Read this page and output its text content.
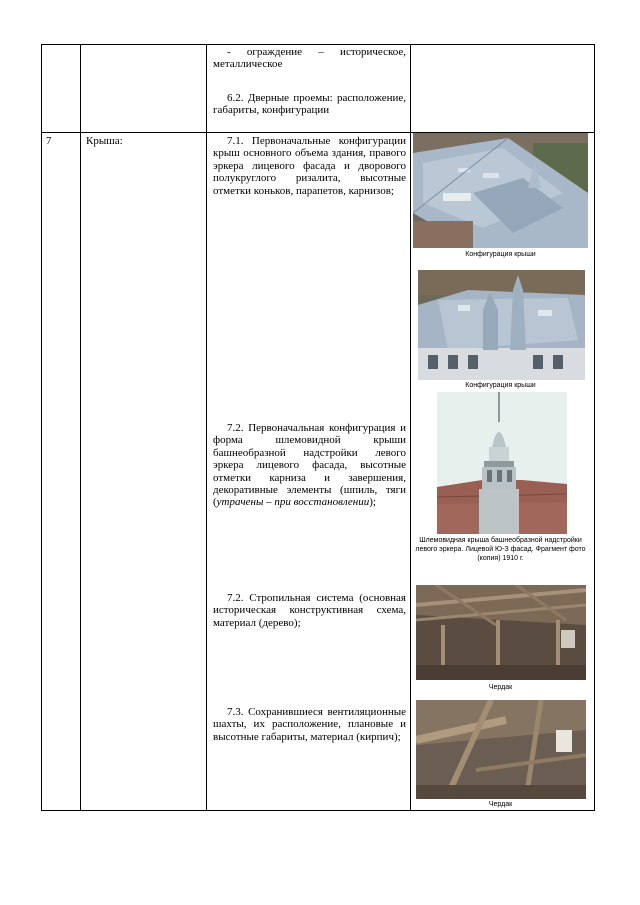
- ограждение – историческое, металлическое

6.2. Дверные проемы: расположение, габариты, конфигурации

7	Крыша:	7.1. Первоначальные конфигурации крыш основного объема здания, правого эркера лицевого фасада и дворового полукруглого ризалита, высотные отметки коньков, парапетов, карнизов;

7.2. Первоначальная конфигурация и форма шлемовидной крыши башнеобразной надстройки левого эркера лицевого фасада, высотные отметки карниза и завершения, декоративные элементы (шпиль, тяги (утрачены – при восстановлении);

7.2. Стропильная система (основная историческая конструктивная схема, материал (дерево);

7.3. Сохранившиеся вентиляционные шахты, их расположение, плановые и высотные габариты, материал (кирпич);

Конфигурация крыши
Конфигурация крыши
Шлемовидная крыша башнеобразной надстройки левого эркера. Лицевой Ю-З фасад. Фрагмент фото (копия) 1910 г.
Чердак
Чердак
